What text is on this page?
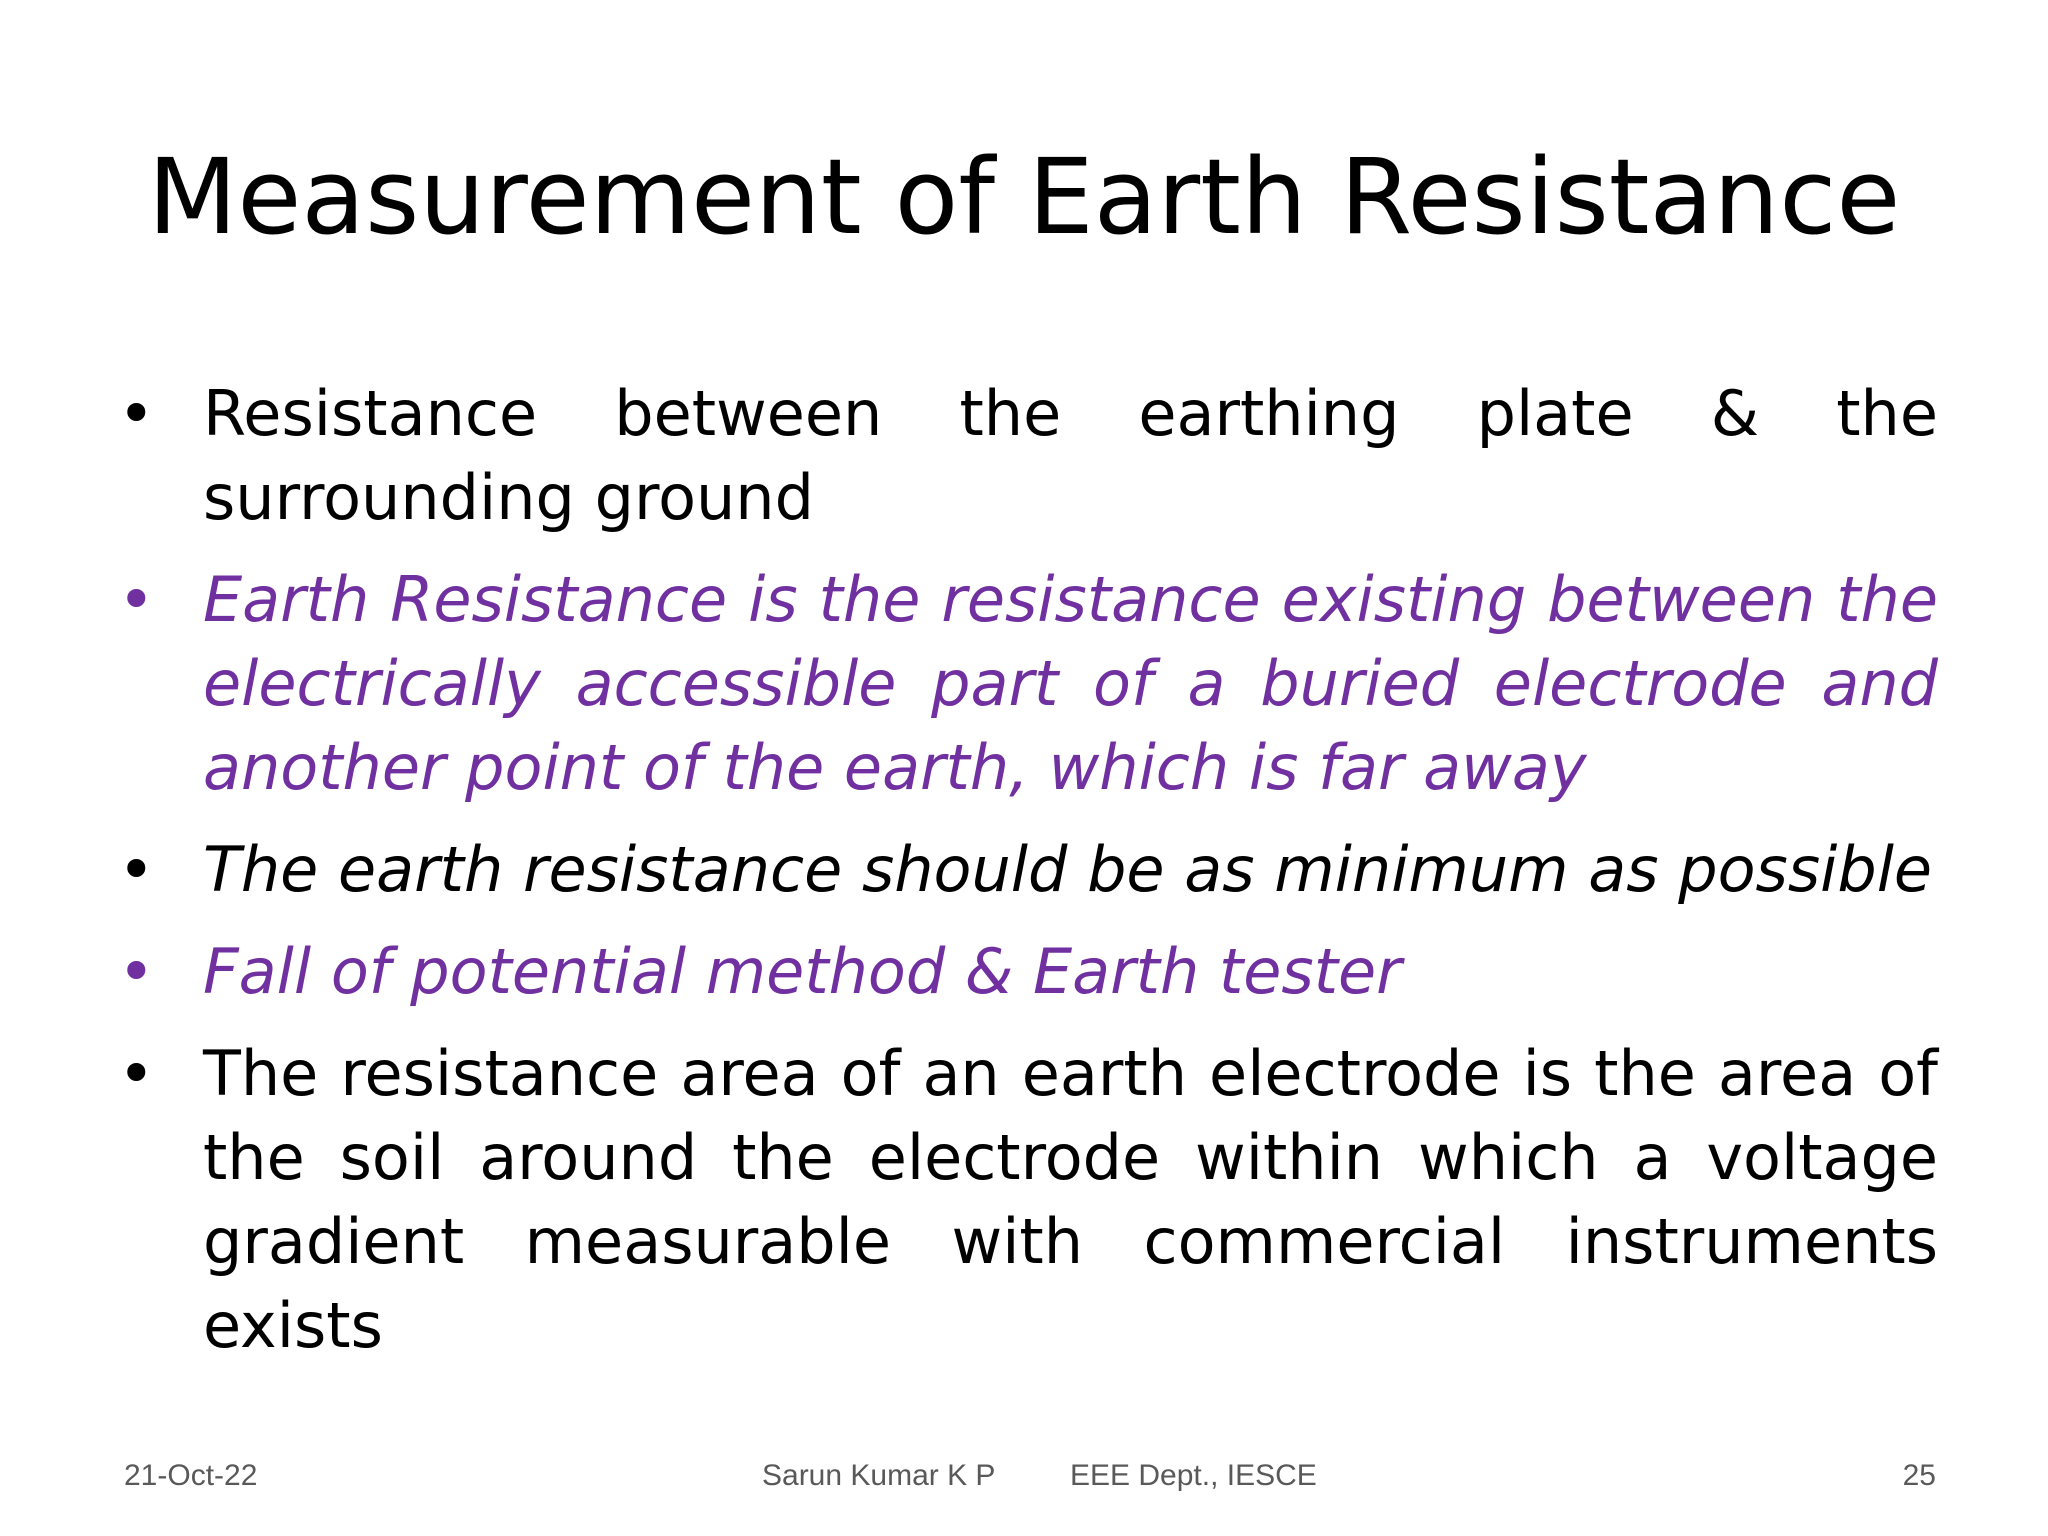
Measurement of Earth Resistance
• Resistance between the earthing plate & the surrounding ground
• Earth Resistance is the resistance existing between the electrically accessible part of a buried electrode and another point of the earth, which is far away
• The earth resistance should be as minimum as possible
• Fall of potential method & Earth tester
• The resistance area of an earth electrode is the area of the soil around the electrode within which a voltage gradient measurable with commercial instruments exists
21-Oct-22	Sarun Kumar K P EEE Dept., IESCE	25
